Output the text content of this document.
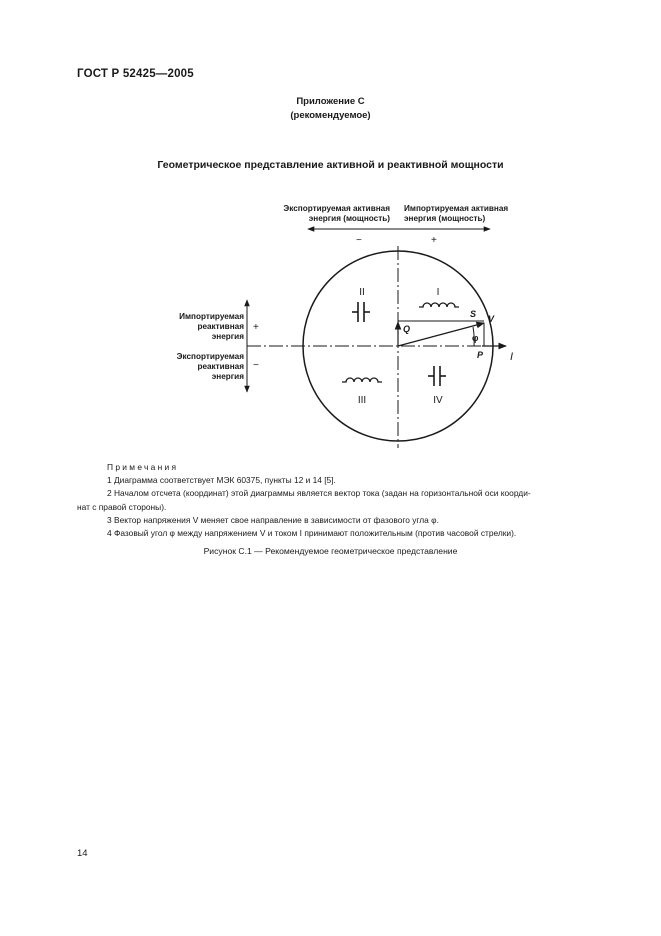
ГОСТ Р 52425—2005
Приложение С
(рекомендуемое)
Геометрическое представление активной и реактивной мощности
Экспортируемая активная
энергия (мощность)
Импортируемая активная
энергия (мощность)
−	+
Импортируемая
реактивная
энергия
Экспортируемая
реактивная
энергия
+
−
Q
S V
φ
P I
I
II
III	IV

Примечания

1 Диаграмма соответствует МЭК 60375, пункты 12 и 14 [5].

2 Началом отсчета (координат) этой диаграммы является вектор тока (задан на горизонтальной оси коорди-

нат с правой стороны).

3 Вектор напряжения V меняет свое направление в зависимости от фазового угла φ.

4 Фазовый угол φ между напряжением V и током I принимают положительным (против часовой стрелки).

Рисунок С.1 — Рекомендуемое геометрическое представление
14
